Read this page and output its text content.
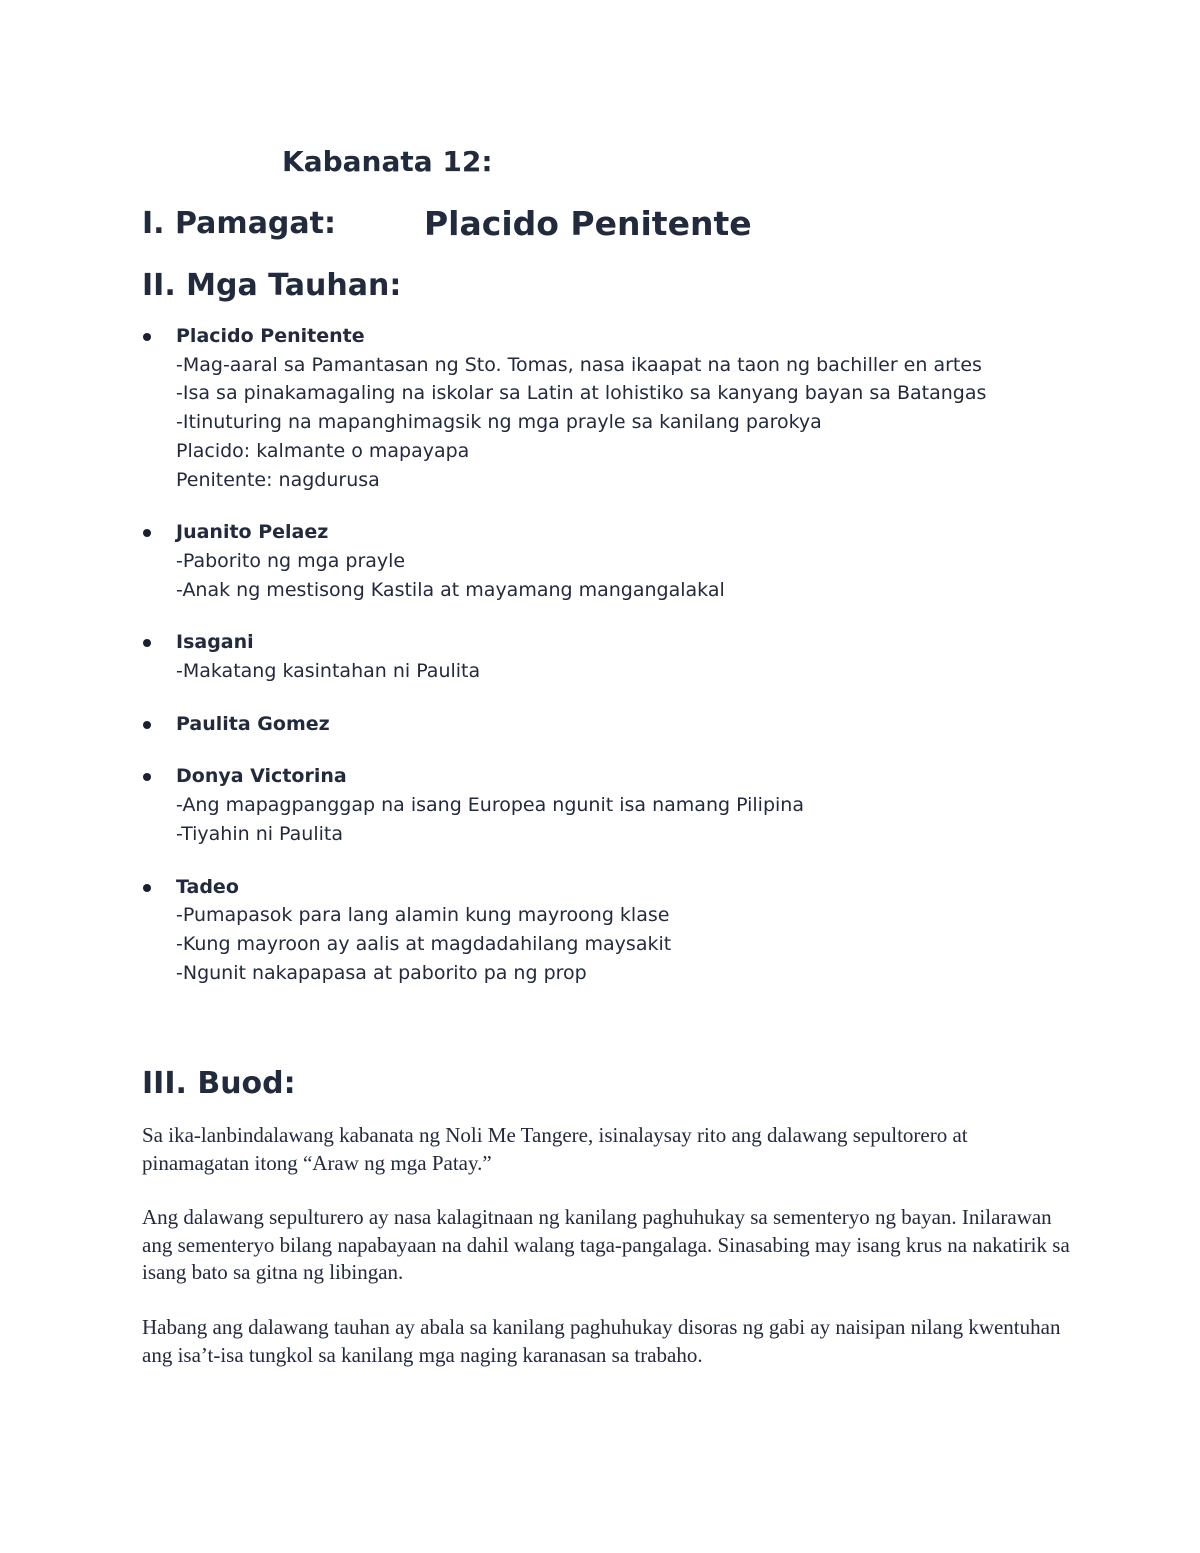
Kabanata 12:
I. Pamagat:	Placido Penitente
II. Mga Tauhan:
Placido Penitente
-Mag-aaral sa Pamantasan ng Sto. Tomas, nasa ikaapat na taon ng bachiller en artes
-Isa sa pinakamagaling na iskolar sa Latin at lohistiko sa kanyang bayan sa Batangas
-Itinuturing na mapanghimagsik ng mga prayle sa kanilang parokya
Placido: kalmante o mapayapa
Penitente: nagdurusa
Juanito Pelaez
-Paborito ng mga prayle
-Anak ng mestisong Kastila at mayamang mangangalakal
Isagani
-Makatang kasintahan ni Paulita
Paulita Gomez
Donya Victorina
-Ang mapagpanggap na isang Europea ngunit isa namang Pilipina
-Tiyahin ni Paulita
Tadeo
-Pumapasok para lang alamin kung mayroong klase
-Kung mayroon ay aalis at magdadahilang maysakit
-Ngunit nakapapasa at paborito pa ng prop
III. Buod:

Sa ika-lanbindalawang kabanata ng Noli Me Tangere, isinalaysay rito ang dalawang sepultorero at pinamagatan itong “Araw ng mga Patay.”

Ang dalawang sepulturero ay nasa kalagitnaan ng kanilang paghuhukay sa sementeryo ng bayan. Inilarawan ang sementeryo bilang napabayaan na dahil walang taga-pangalaga. Sinasabing may isang krus na nakatirik sa isang bato sa gitna ng libingan.

Habang ang dalawang tauhan ay abala sa kanilang paghuhukay disoras ng gabi ay naisipan nilang kwentuhan ang isa’t-isa tungkol sa kanilang mga naging karanasan sa trabaho.
